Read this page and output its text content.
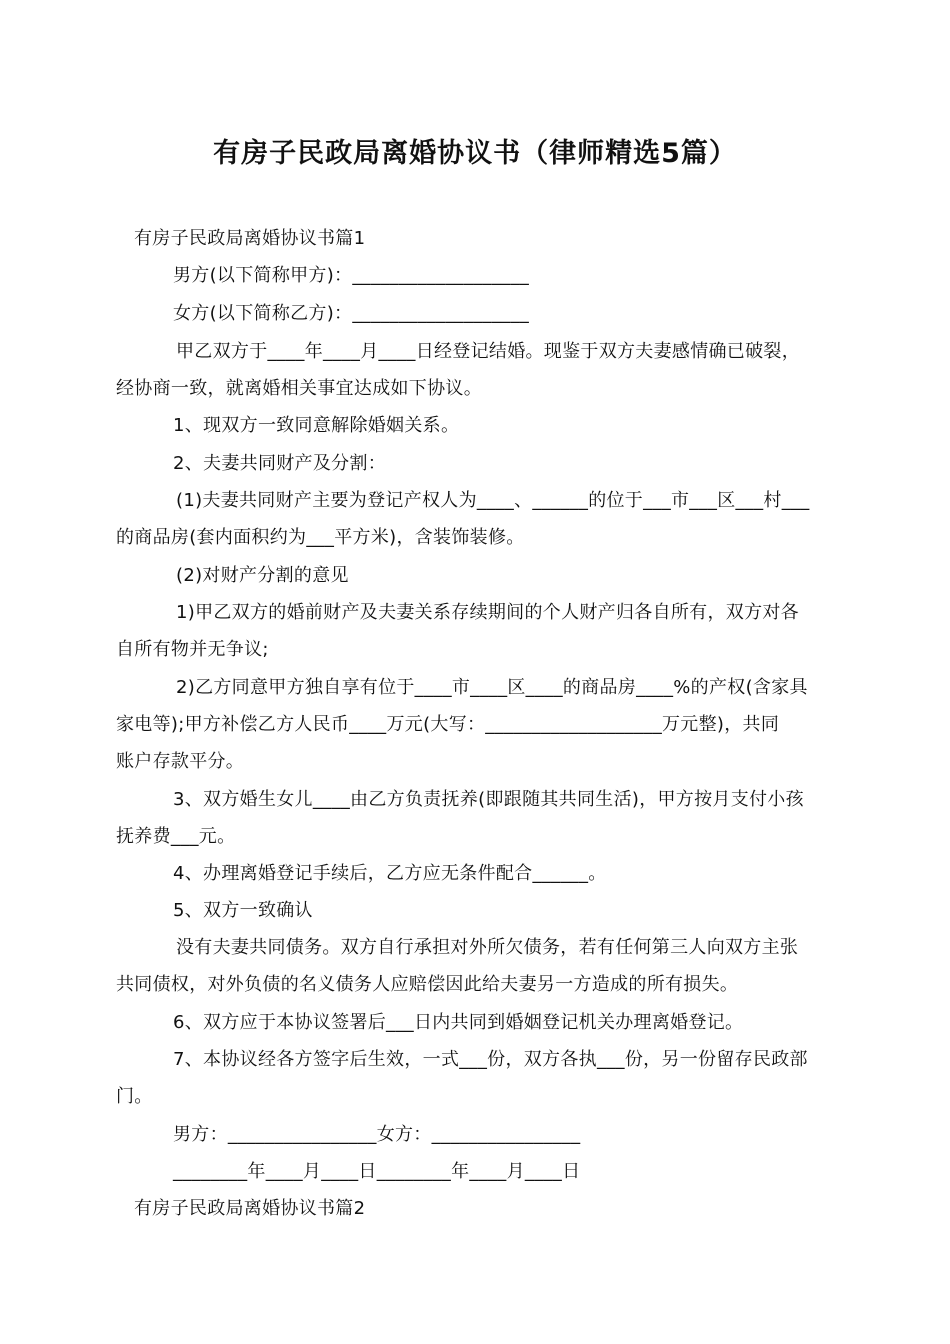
有房子民政局离婚协议书（律师精选5篇）
有房子民政局离婚协议书篇1
男方(以下简称甲方)：___________________
女方(以下简称乙方)：___________________
甲乙双方于____年____月____日经登记结婚。现鉴于双方夫妻感情确已破裂，
经协商一致，就离婚相关事宜达成如下协议。
1、现双方一致同意解除婚姻关系。
2、夫妻共同财产及分割：
(1)夫妻共同财产主要为登记产权人为____、______的位于___市___区___村___
的商品房(套内面积约为___平方米)，含装饰装修。
(2)对财产分割的意见
1)甲乙双方的婚前财产及夫妻关系存续期间的个人财产归各自所有，双方对各
自所有物并无争议;
2)乙方同意甲方独自享有位于____市____区____的商品房____%的产权(含家具
家电等);甲方补偿乙方人民币____万元(大写：___________________万元整)，共同
账户存款平分。
3、双方婚生女儿____由乙方负责抚养(即跟随其共同生活)，甲方按月支付小孩
抚养费___元。
4、办理离婚登记手续后，乙方应无条件配合______。
5、双方一致确认
没有夫妻共同债务。双方自行承担对外所欠债务，若有任何第三人向双方主张
共同债权，对外负债的名义债务人应赔偿因此给夫妻另一方造成的所有损失。
6、双方应于本协议签署后___日内共同到婚姻登记机关办理离婚登记。
7、本协议经各方签字后生效，一式___份，双方各执___份，另一份留存民政部
门。
男方：________________女方：________________
________年____月____日________年____月____日
有房子民政局离婚协议书篇2
